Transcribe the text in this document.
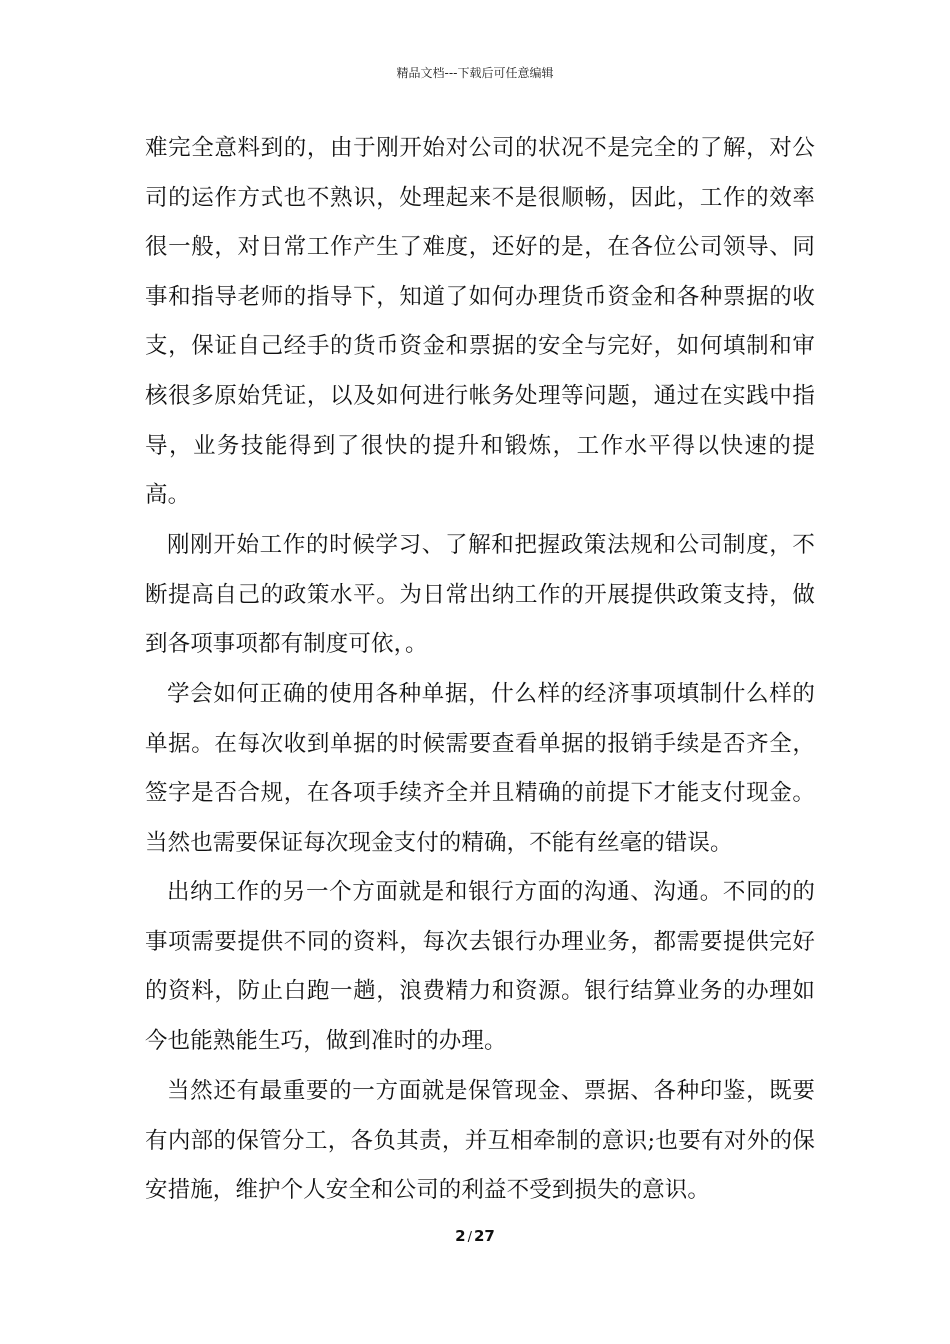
精品文档---下载后可任意编辑

难完全意料到的，由于刚开始对公司的状况不是完全的了解，对公司的运作方式也不熟识，处理起来不是很顺畅，因此，工作的效率很一般，对日常工作产生了难度，还好的是，在各位公司领导、同事和指导老师的指导下，知道了如何办理货币资金和各种票据的收支，保证自己经手的货币资金和票据的安全与完好，如何填制和审核很多原始凭证，以及如何进行帐务处理等问题，通过在实践中指导，业务技能得到了很快的提升和锻炼，工作水平得以快速的提高。

刚刚开始工作的时候学习、了解和把握政策法规和公司制度，不断提高自己的政策水平。为日常出纳工作的开展提供政策支持，做到各项事项都有制度可依，。

学会如何正确的使用各种单据，什么样的经济事项填制什么样的单据。在每次收到单据的时候需要查看单据的报销手续是否齐全，签字是否合规，在各项手续齐全并且精确的前提下才能支付现金。当然也需要保证每次现金支付的精确，不能有丝毫的错误。

出纳工作的另一个方面就是和银行方面的沟通、沟通。不同的的事项需要提供不同的资料，每次去银行办理业务，都需要提供完好的资料，防止白跑一趟，浪费精力和资源。银行结算业务的办理如今也能熟能生巧，做到准时的办理。

当然还有最重要的一方面就是保管现金、票据、各种印鉴，既要有内部的保管分工，各负其责，并互相牵制的意识;也要有对外的保安措施，维护个人安全和公司的利益不受到损失的意识。

2 / 27
